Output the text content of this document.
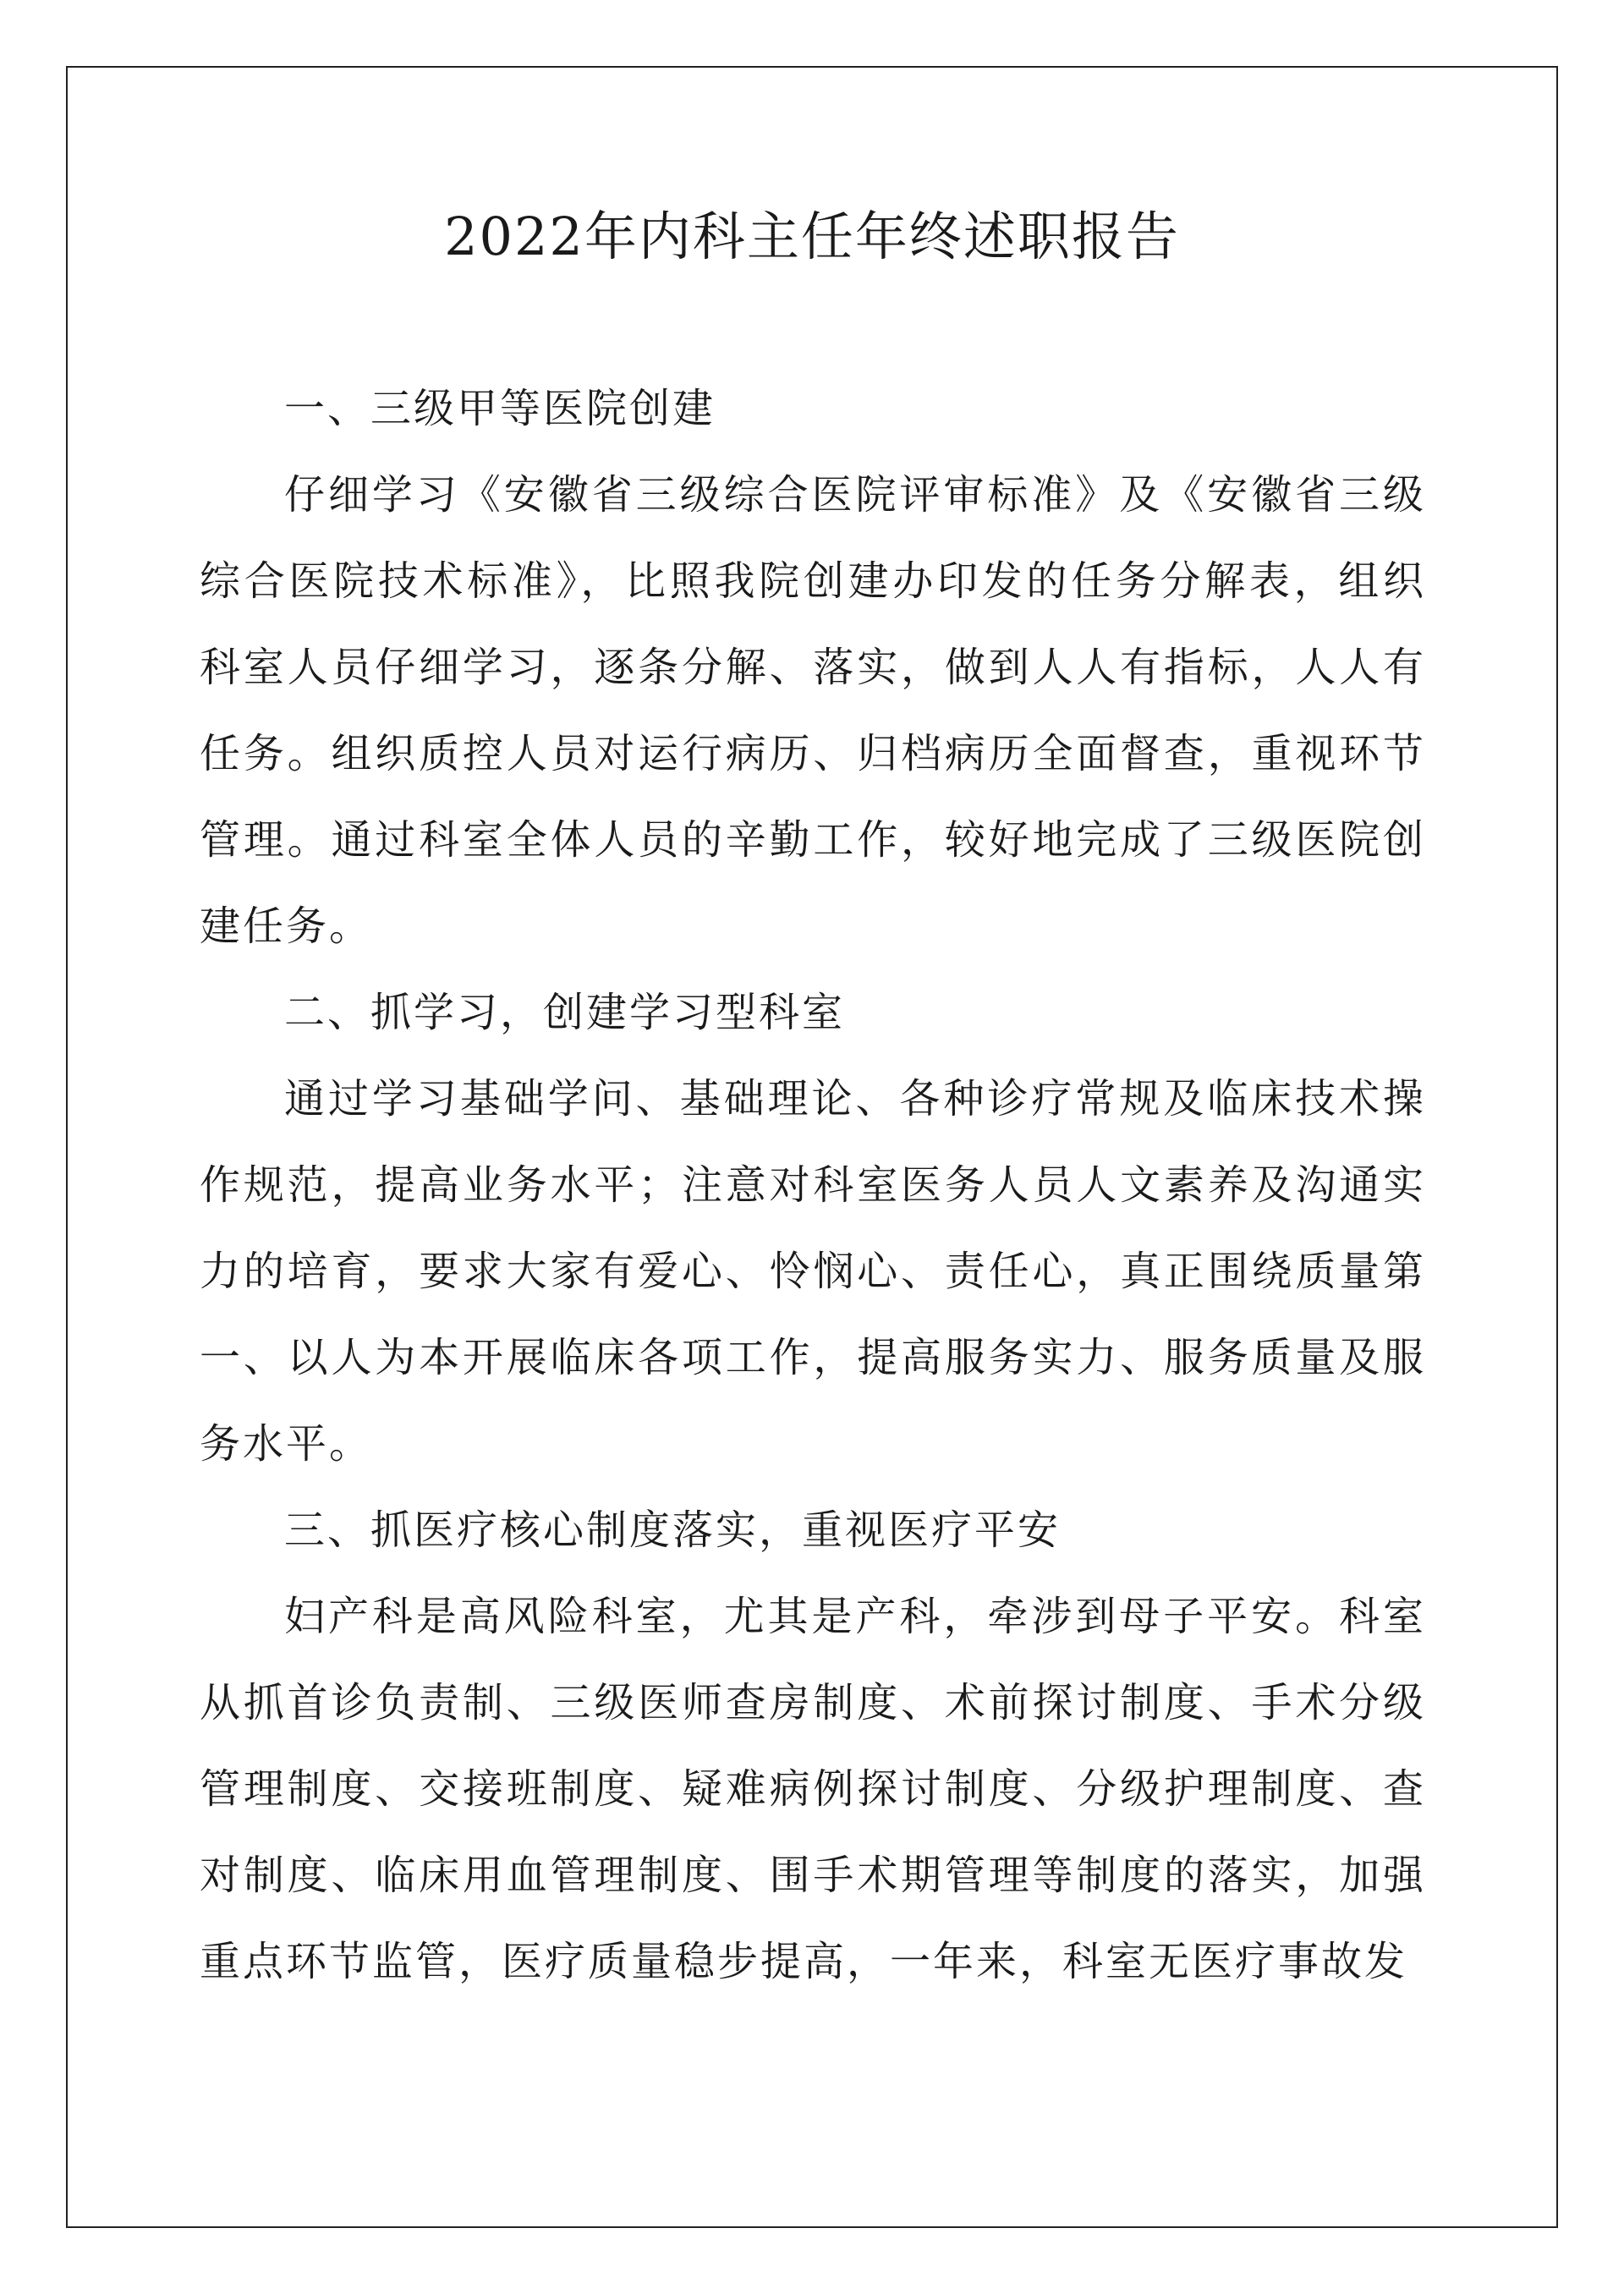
2022年内科主任年终述职报告

一、三级甲等医院创建

仔细学习《安徽省三级综合医院评审标准》及《安徽省三级综合医院技术标准》，比照我院创建办印发的任务分解表，组织科室人员仔细学习，逐条分解、落实，做到人人有指标，人人有任务。组织质控人员对运行病历、归档病历全面督查，重视环节管理。通过科室全体人员的辛勤工作，较好地完成了三级医院创建任务。

二、抓学习，创建学习型科室

通过学习基础学问、基础理论、各种诊疗常规及临床技术操作规范，提高业务水平；注意对科室医务人员人文素养及沟通实力的培育，要求大家有爱心、怜悯心、责任心，真正围绕质量第一、以人为本开展临床各项工作，提高服务实力、服务质量及服务水平。

三、抓医疗核心制度落实，重视医疗平安

妇产科是高风险科室，尤其是产科，牵涉到母子平安。科室从抓首诊负责制、三级医师查房制度、术前探讨制度、手术分级管理制度、交接班制度、疑难病例探讨制度、分级护理制度、查对制度、临床用血管理制度、围手术期管理等制度的落实，加强重点环节监管，医疗质量稳步提高，一年来，科室无医疗事故发
